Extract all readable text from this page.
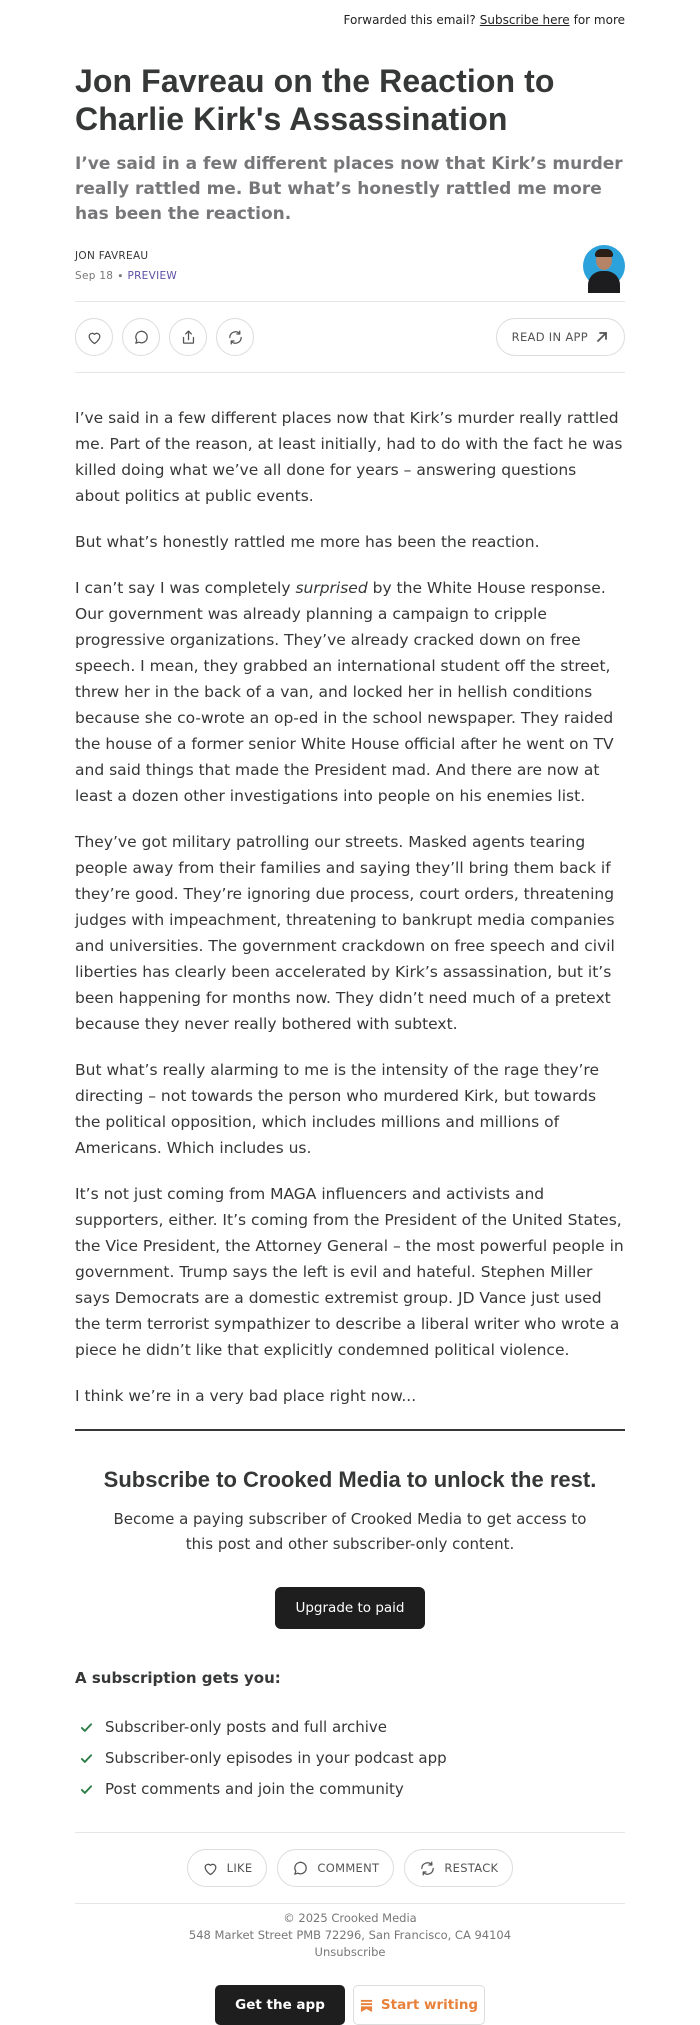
Forwarded this email? Subscribe here for more
Jon Favreau on the Reaction to Charlie Kirk's Assassination
I’ve said in a few different places now that Kirk’s murder really rattled me. But what’s honestly rattled me more has been the reaction.
JON FAVREAU
Sep 18 ∙ PREVIEW
READ IN APP

I’ve said in a few different places now that Kirk’s murder really rattled me. Part of the reason, at least initially, had to do with the fact he was killed doing what we’ve all done for years – answering questions about politics at public events.

But what’s honestly rattled me more has been the reaction.

I can’t say I was completely surprised by the White House response. Our government was already planning a campaign to cripple progressive organizations. They’ve already cracked down on free speech. I mean, they grabbed an international student off the street, threw her in the back of a van, and locked her in hellish conditions because she co-wrote an op-ed in the school newspaper. They raided the house of a former senior White House official after he went on TV and said things that made the President mad. And there are now at least a dozen other investigations into people on his enemies list.

They’ve got military patrolling our streets. Masked agents tearing people away from their families and saying they’ll bring them back if they’re good. They’re ignoring due process, court orders, threatening judges with impeachment, threatening to bankrupt media companies and universities. The government crackdown on free speech and civil liberties has clearly been accelerated by Kirk’s assassination, but it’s been happening for months now. They didn’t need much of a pretext because they never really bothered with subtext.

But what’s really alarming to me is the intensity of the rage they’re directing – not towards the person who murdered Kirk, but towards the political opposition, which includes millions and millions of Americans. Which includes us.

It’s not just coming from MAGA influencers and activists and supporters, either. It’s coming from the President of the United States, the Vice President, the Attorney General – the most powerful people in government. Trump says the left is evil and hateful. Stephen Miller says Democrats are a domestic extremist group. JD Vance just used the term terrorist sympathizer to describe a liberal writer who wrote a piece he didn’t like that explicitly condemned political violence.

I think we’re in a very bad place right now...

Subscribe to Crooked Media to unlock the rest.

Become a paying subscriber of Crooked Media to get access to this post and other subscriber-only content.

Upgrade to paid
A subscription gets you:
Subscriber-only posts and full archive
Subscriber-only episodes in your podcast app
Post comments and join the community
LIKE	COMMENT	RESTACK
© 2025 Crooked Media
548 Market Street PMB 72296, San Francisco, CA 94104
Unsubscribe
Get the app	Start writing
